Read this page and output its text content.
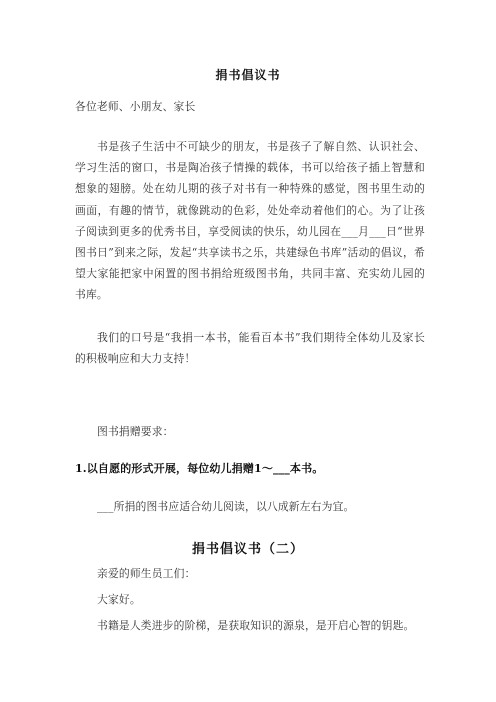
捐书倡议书
各位老师、小朋友、家长
书是孩子生活中不可缺少的朋友，书是孩子了解自然、认识社会、学习生活的窗口，书是陶冶孩子情操的载体，书可以给孩子插上智慧和想象的翅膀。处在幼儿期的孩子对书有一种特殊的感觉，图书里生动的画面，有趣的情节，就像跳动的色彩，处处牵动着他们的心。为了让孩子阅读到更多的优秀书目，享受阅读的快乐，幼儿园在___月___日“世界图书日”到来之际，发起“共享读书之乐，共建绿色书库”活动的倡议，希望大家能把家中闲置的图书捐给班级图书角，共同丰富、充实幼儿园的书库。
我们的口号是“我捐一本书，能看百本书”我们期待全体幼儿及家长的积极响应和大力支持！
图书捐赠要求：
1.以自愿的形式开展，每位幼儿捐赠1～___本书。
___所捐的图书应适合幼儿阅读，以八成新左右为宜。
捐书倡议书（二）
亲爱的师生员工们：
大家好。
书籍是人类进步的阶梯，是获取知识的源泉，是开启心智的钥匙。
